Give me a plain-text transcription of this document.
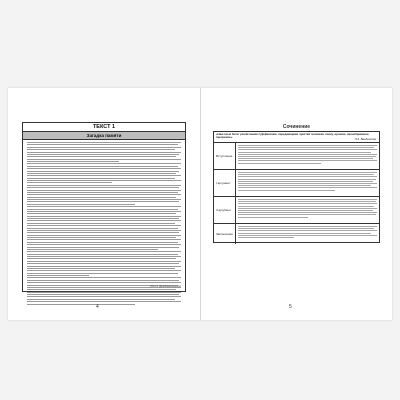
ТЕКСТ 1
Загадка памяти
(По Н. Дрейфельцову)
4
Сочинение
«Наш язык богат различными суффиксами, передающими чувства человека: ласку, иронию, пренебрежение, презрение».	Л.А. Введенская
Вступление
I аргумент
II аргумент
Заключение
5
